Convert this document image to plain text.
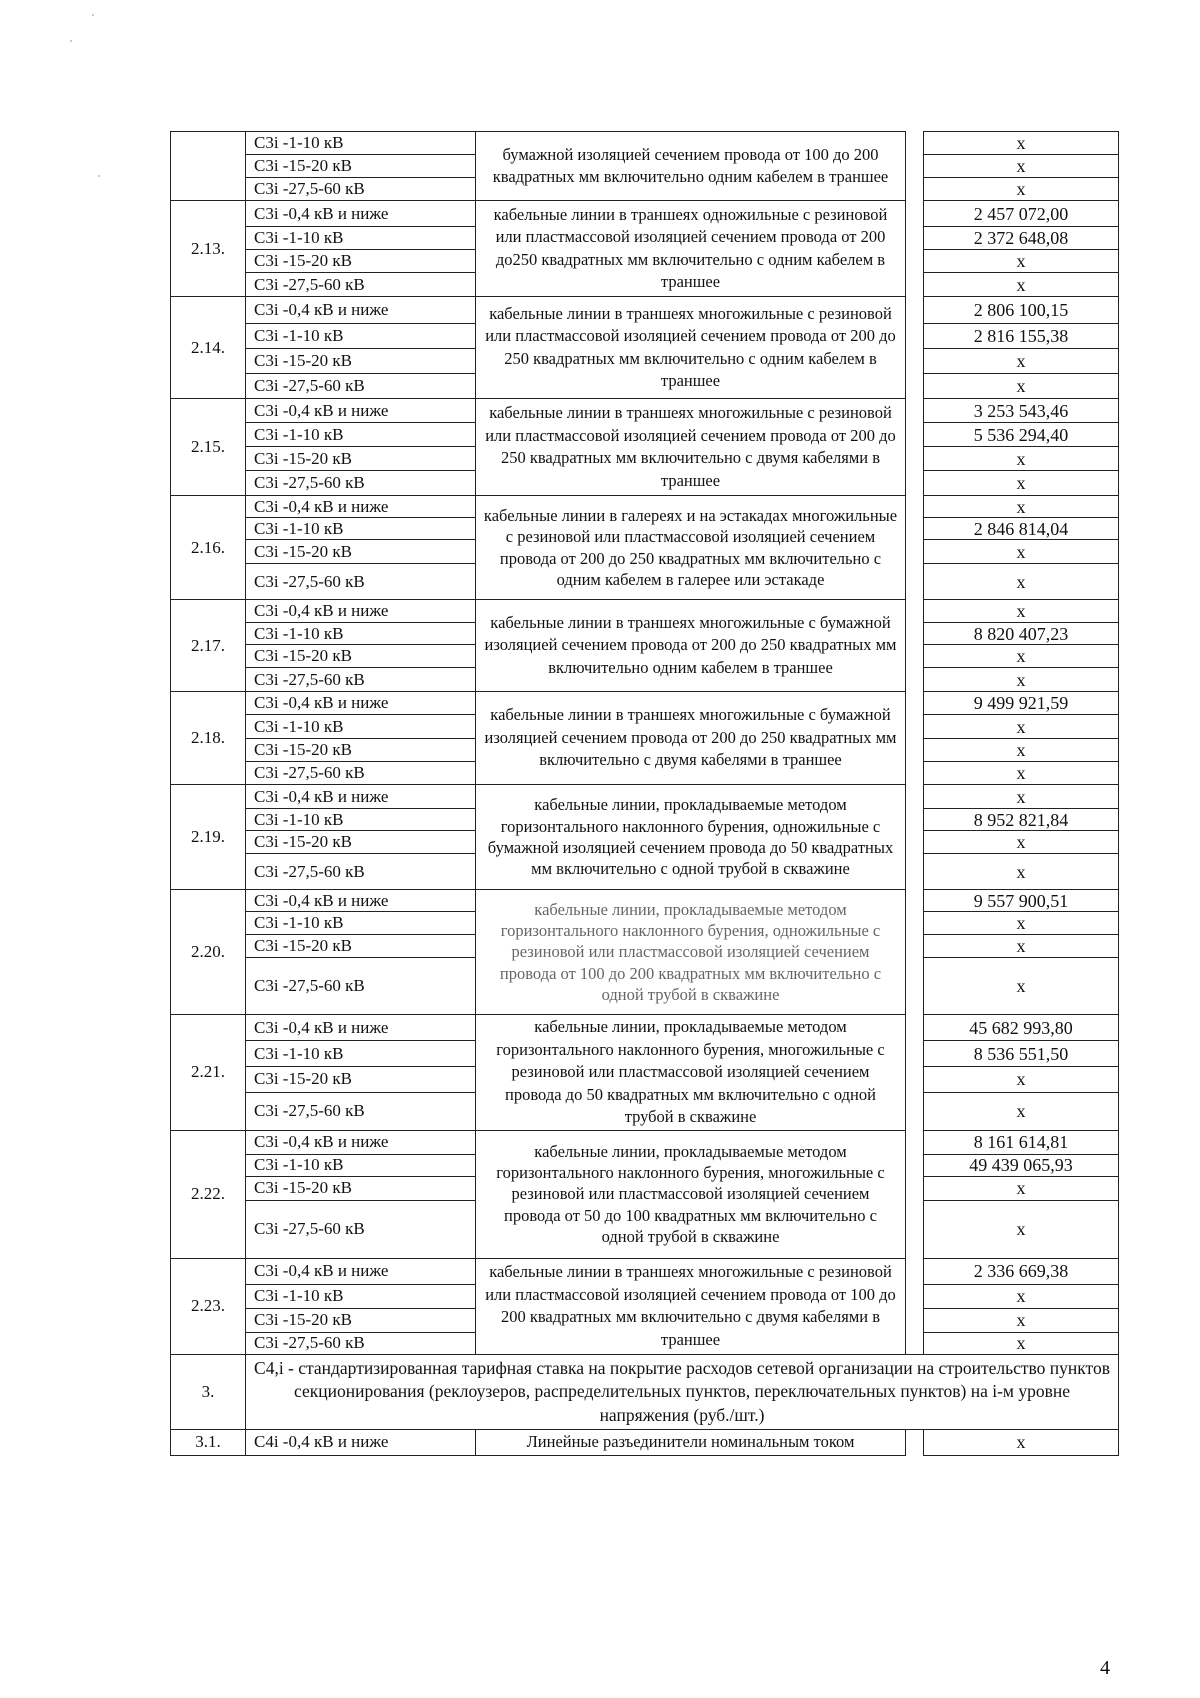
	С3i -1-10 кВ	бумажной изоляцией сечением провода от 100 до 200 квадратных мм включительно одним кабелем в траншее		х
	С3i -15-20 кВ			х
	С3i -27,5-60 кВ			х
2.13.	С3i -0,4 кВ и ниже	кабельные линии в траншеях одножильные с резиновой или пластмассовой изоляцией сечением провода от 200 до250 квадратных мм включительно с одним кабелем в траншее		2 457 072,00
	С3i -1-10 кВ			2 372 648,08
	С3i -15-20 кВ			х
	С3i -27,5-60 кВ			х
2.14.	С3i -0,4 кВ и ниже	кабельные линии в траншеях многожильные с резиновой или пластмассовой изоляцией сечением провода от 200 до 250 квадратных мм включительно с одним кабелем в траншее		2 806 100,15
	С3i -1-10 кВ			2 816 155,38
	С3i -15-20 кВ			х
	С3i -27,5-60 кВ			х
2.15.	С3i -0,4 кВ и ниже	кабельные линии в траншеях многожильные с резиновой или пластмассовой изоляцией сечением провода от 200 до 250 квадратных мм включительно с двумя кабелями в траншее		3 253 543,46
	С3i -1-10 кВ			5 536 294,40
	С3i -15-20 кВ			х
	С3i -27,5-60 кВ			х
2.16.	С3i -0,4 кВ и ниже	кабельные линии в галереях и на эстакадах многожильные с резиновой или пластмассовой изоляцией сечением провода от 200 до 250 квадратных мм включительно с одним кабелем в галерее или эстакаде		х
	С3i -1-10 кВ			2 846 814,04
	С3i -15-20 кВ			х
	С3i -27,5-60 кВ			х
2.17.	С3i -0,4 кВ и ниже	кабельные линии в траншеях многожильные с бумажной изоляцией сечением провода от 200 до 250 квадратных мм включительно одним кабелем в траншее		х
	С3i -1-10 кВ			8 820 407,23
	С3i -15-20 кВ			х
	С3i -27,5-60 кВ			х
2.18.	С3i -0,4 кВ и ниже	кабельные линии в траншеях многожильные с бумажной изоляцией сечением провода от 200 до 250 квадратных мм включительно с двумя кабелями в траншее		9 499 921,59
	С3i -1-10 кВ			х
	С3i -15-20 кВ			х
	С3i -27,5-60 кВ			х
2.19.	С3i -0,4 кВ и ниже	кабельные линии, прокладываемые методом горизонтального наклонного бурения, одножильные с бумажной изоляцией сечением провода до 50 квадратных мм включительно с одной трубой в скважине		х
	С3i -1-10 кВ			8 952 821,84
	С3i -15-20 кВ			х
	С3i -27,5-60 кВ			х
2.20.	С3i -0,4 кВ и ниже	кабельные линии, прокладываемые методом горизонтального наклонного бурения, одножильные с резиновой или пластмассовой изоляцией сечением провода от 100 до 200 квадратных мм включительно с одной трубой в скважине		9 557 900,51
	С3i -1-10 кВ			х
	С3i -15-20 кВ			х
	С3i -27,5-60 кВ			х
2.21.	С3i -0,4 кВ и ниже	кабельные линии, прокладываемые методом горизонтального наклонного бурения, многожильные с резиновой или пластмассовой изоляцией сечением провода до 50 квадратных мм включительно с одной трубой в скважине		45 682 993,80
	С3i -1-10 кВ			8 536 551,50
	С3i -15-20 кВ			х
	С3i -27,5-60 кВ			х
2.22.	С3i -0,4 кВ и ниже	кабельные линии, прокладываемые методом горизонтального наклонного бурения, многожильные с резиновой или пластмассовой изоляцией сечением провода от 50 до 100 квадратных мм включительно с одной трубой в скважине		8 161 614,81
	С3i -1-10 кВ			49 439 065,93
	С3i -15-20 кВ			х
	С3i -27,5-60 кВ			х
2.23.	С3i -0,4 кВ и ниже	кабельные линии в траншеях многожильные с резиновой или пластмассовой изоляцией сечением провода от 100 до 200 квадратных мм включительно с двумя кабелями в траншее		2 336 669,38
	С3i -1-10 кВ			х
	С3i -15-20 кВ			х
	С3i -27,5-60 кВ			х
3.	С4,i - стандартизированная тарифная ставка на покрытие расходов сетевой организации на строительство пунктов секционирования (реклоузеров, распределительных пунктов, переключательных пунктов) на i-м уровне напряжения (руб./шт.)			
3.1.	С4i -0,4 кВ и ниже	Линейные разъединители номинальным током		х
4
